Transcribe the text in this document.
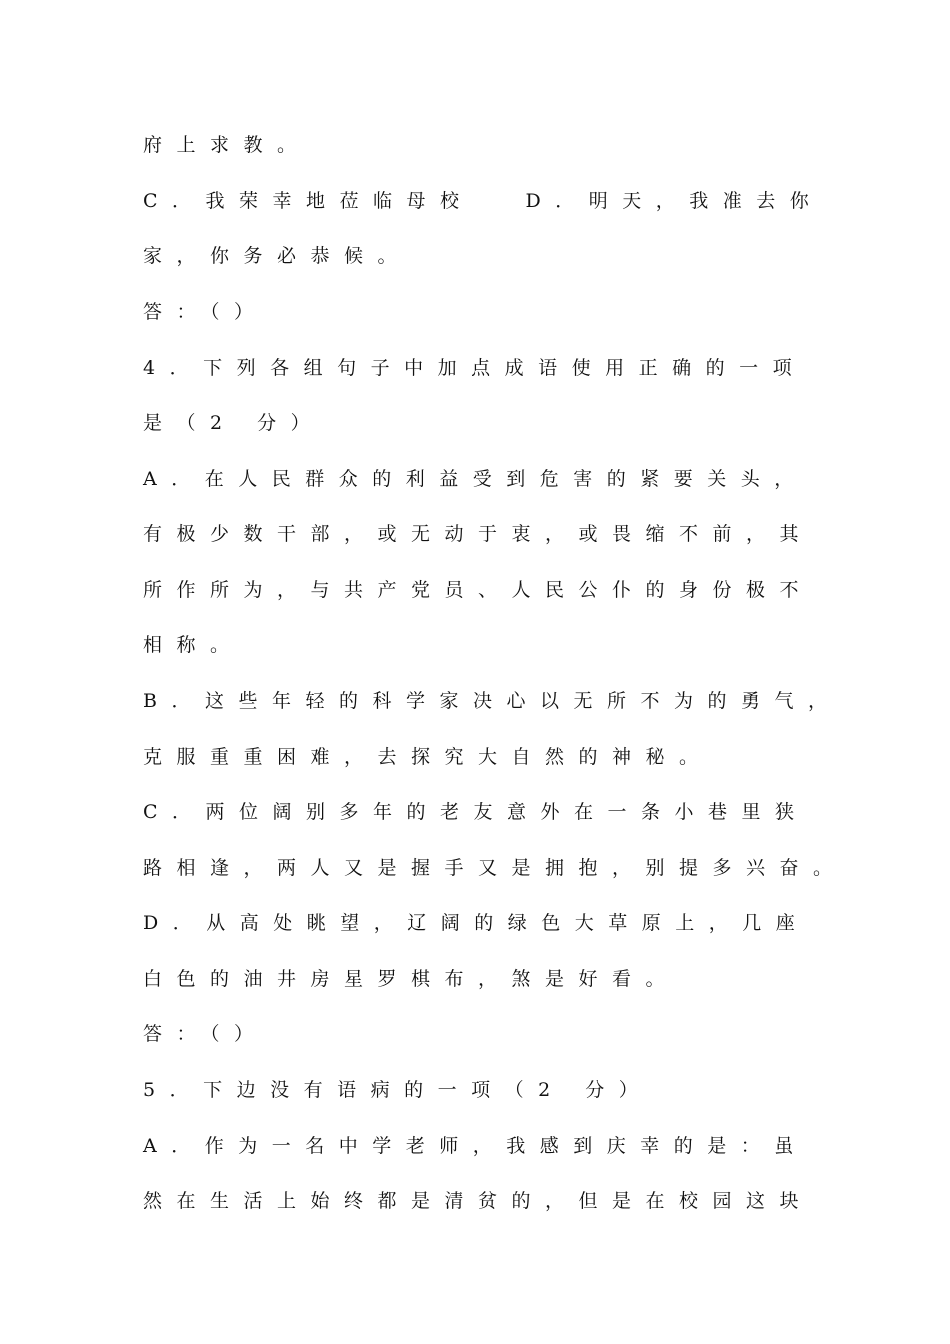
府上求教。
C．我荣幸地莅临母校	D．明天，我准去你
家，你务必恭候。
答：（）
4．下列各组句子中加点成语使用正确的一项
是（2 分）
A．在人民群众的利益受到危害的紧要关头，
有极少数干部，或无动于衷，或畏缩不前，其
所作所为，与共产党员、人民公仆的身份极不
相称。
B．这些年轻的科学家决心以无所不为的勇气，
克服重重困难，去探究大自然的神秘。
C．两位阔别多年的老友意外在一条小巷里狭
路相逢，两人又是握手又是拥抱，别提多兴奋。
D．从高处眺望，辽阔的绿色大草原上，几座
白色的油井房星罗棋布，煞是好看。
答：（）
5．下边没有语病的一项（2 分）
A．作为一名中学老师，我感到庆幸的是：虽
然在生活上始终都是清贫的，但是在校园这块
